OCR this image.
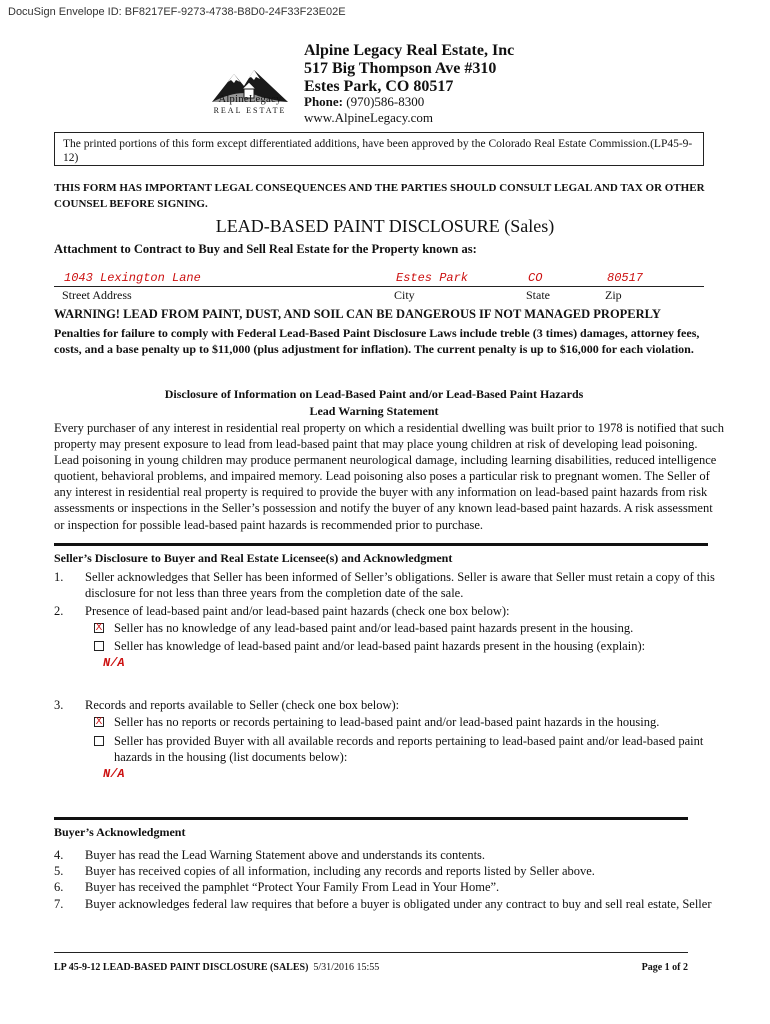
DocuSign Envelope ID: BF8217EF-9273-4738-B8D0-24F33F23E02E
AlpineLegacy
REAL ESTATE
Alpine Legacy Real Estate, Inc
517 Big Thompson Ave #310
Estes Park, CO 80517
Phone: (970)586-8300
www.AlpineLegacy.com
The printed portions of this form except differentiated additions, have been approved by the Colorado Real Estate Commission.(LP45-9-12)
THIS FORM HAS IMPORTANT LEGAL CONSEQUENCES AND THE PARTIES SHOULD CONSULT LEGAL AND TAX OR OTHER COUNSEL BEFORE SIGNING.
LEAD-BASED PAINT DISCLOSURE (Sales)
Attachment to Contract to Buy and Sell Real Estate for the Property known as:
1043 Lexington Lane	Estes Park	CO	80517
Street Address	City	State	Zip
WARNING! LEAD FROM PAINT, DUST, AND SOIL CAN BE DANGEROUS IF NOT MANAGED PROPERLY
Penalties for failure to comply with Federal Lead-Based Paint Disclosure Laws include treble (3 times) damages, attorney fees, costs, and a base penalty up to $11,000 (plus adjustment for inflation). The current penalty is up to $16,000 for each violation.
Disclosure of Information on Lead-Based Paint and/or Lead-Based Paint Hazards
Lead Warning Statement
Every purchaser of any interest in residential real property on which a residential dwelling was built prior to 1978 is notified that such property may present exposure to lead from lead-based paint that may place young children at risk of developing lead poisoning. Lead poisoning in young children may produce permanent neurological damage, including learning disabilities, reduced intelligence quotient, behavioral problems, and impaired memory. Lead poisoning also poses a particular risk to pregnant women. The Seller of any interest in residential real property is required to provide the buyer with any information on lead-based paint hazards from risk assessments or inspections in the Seller’s possession and notify the buyer of any known lead-based paint hazards. A risk assessment or inspection for possible lead-based paint hazards is recommended prior to purchase.
Seller’s Disclosure to Buyer and Real Estate Licensee(s) and Acknowledgment
1. Seller acknowledges that Seller has been informed of Seller’s obligations. Seller is aware that Seller must retain a copy of this
disclosure for not less than three years from the completion date of the sale.
2. Presence of lead-based paint and/or lead-based paint hazards (check one box below):
X Seller has no knowledge of any lead-based paint and/or lead-based paint hazards present in the housing.
Seller has knowledge of lead-based paint and/or lead-based paint hazards present in the housing (explain):
N/A
3. Records and reports available to Seller (check one box below):
X Seller has no reports or records pertaining to lead-based paint and/or lead-based paint hazards in the housing.
Seller has provided Buyer with all available records and reports pertaining to lead-based paint and/or lead-based paint
hazards in the housing (list documents below):
N/A
Buyer’s Acknowledgment
4. Buyer has read the Lead Warning Statement above and understands its contents.
5. Buyer has received copies of all information, including any records and reports listed by Seller above.
6. Buyer has received the pamphlet “Protect Your Family From Lead in Your Home”.
7. Buyer acknowledges federal law requires that before a buyer is obligated under any contract to buy and sell real estate, Seller
LP 45-9-12 LEAD-BASED PAINT DISCLOSURE (SALES) 5/31/2016 15:55	Page 1 of 2
